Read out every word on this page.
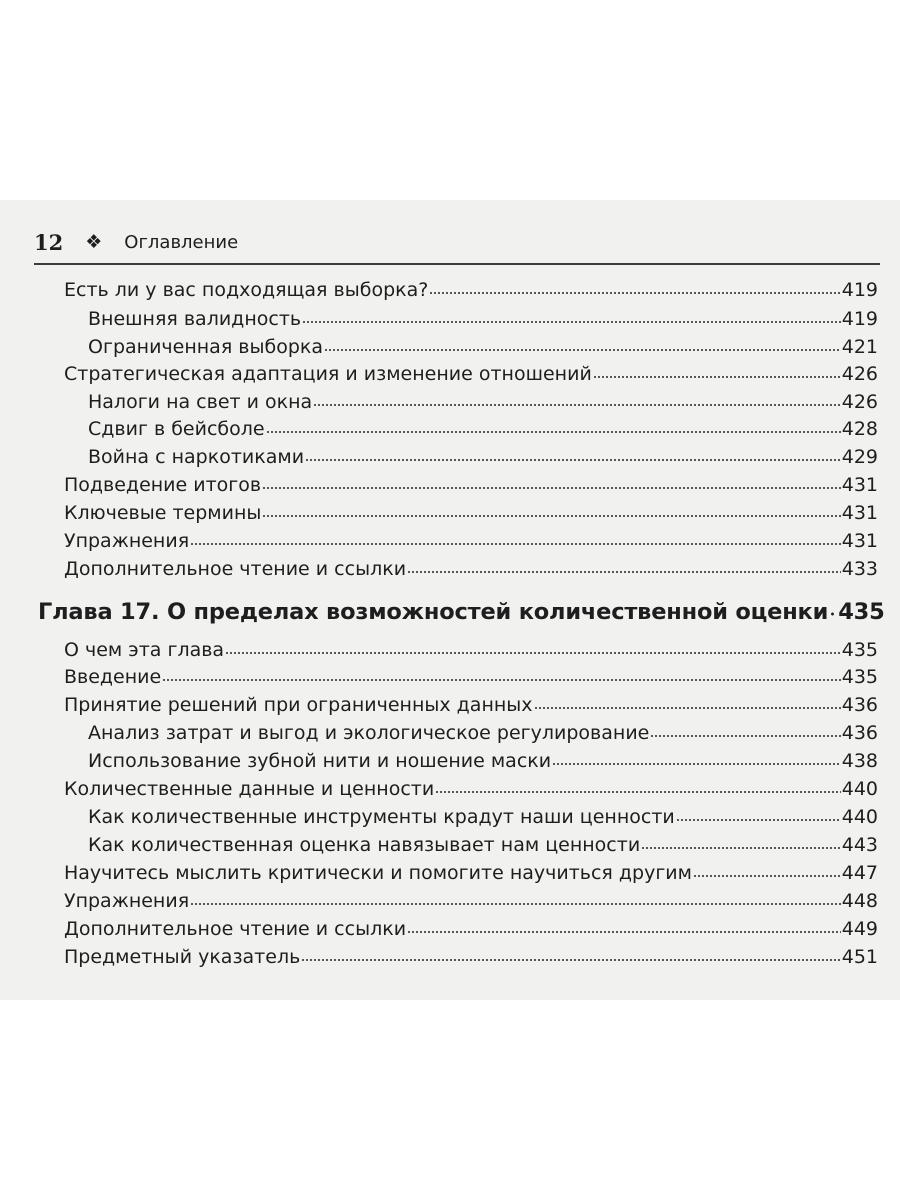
12 ❖ Оглавление
Есть ли у вас подходящая выборка?	419
Внешняя валидность	419
Ограниченная выборка	421
Стратегическая адаптация и изменение отношений	426
Налоги на свет и окна	426
Сдвиг в бейсболе	428
Война с наркотиками	429
Подведение итогов	431
Ключевые термины	431
Упражнения	431
Дополнительное чтение и ссылки	433
Глава 17. О пределах возможностей количественной оценки 435
О чем эта глава	435
Введение	435
Принятие решений при ограниченных данных	436
Анализ затрат и выгод и экологическое регулирование	436
Использование зубной нити и ношение маски	438
Количественные данные и ценности	440
Как количественные инструменты крадут наши ценности	440
Как количественная оценка навязывает нам ценности	443
Научитесь мыслить критически и помогите научиться другим	447
Упражнения	448
Дополнительное чтение и ссылки	449
Предметный указатель	451
